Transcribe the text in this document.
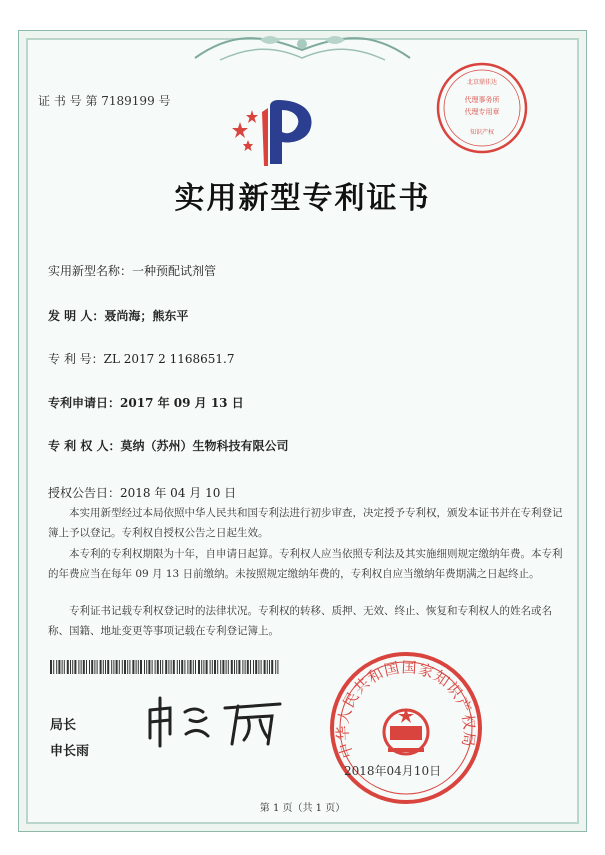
证 书 号 第 7189199 号	代理事务所
代理专用章
北京鼎佳达
知识产权
实用新型专利证书
实用新型名称：一种预配试剂管
发 明 人：聂尚海；熊东平
专 利 号：ZL 2017 2 1168651.7
专利申请日：2017 年 09 月 13 日
专 利 权 人：莫纳（苏州）生物科技有限公司
授权公告日：2018 年 04 月 10 日
本实用新型经过本局依照中华人民共和国专利法进行初步审查，决定授予专利权，颁发本证书并在专利登记簿上予以登记。专利权自授权公告之日起生效。
本专利的专利权期限为十年，自申请日起算。专利权人应当依照专利法及其实施细则规定缴纳年费。本专利的年费应当在每年 09 月 13 日前缴纳。未按照规定缴纳年费的，专利权自应当缴纳年费期满之日起终止。
专利证书记载专利权登记时的法律状况。专利权的转移、质押、无效、终止、恢复和专利权人的姓名或名称、国籍、地址变更等事项记载在专利登记簿上。
局长
申长雨	中华人民共和国国家知识产权局
2018年04月10日
第 1 页（共 1 页）
